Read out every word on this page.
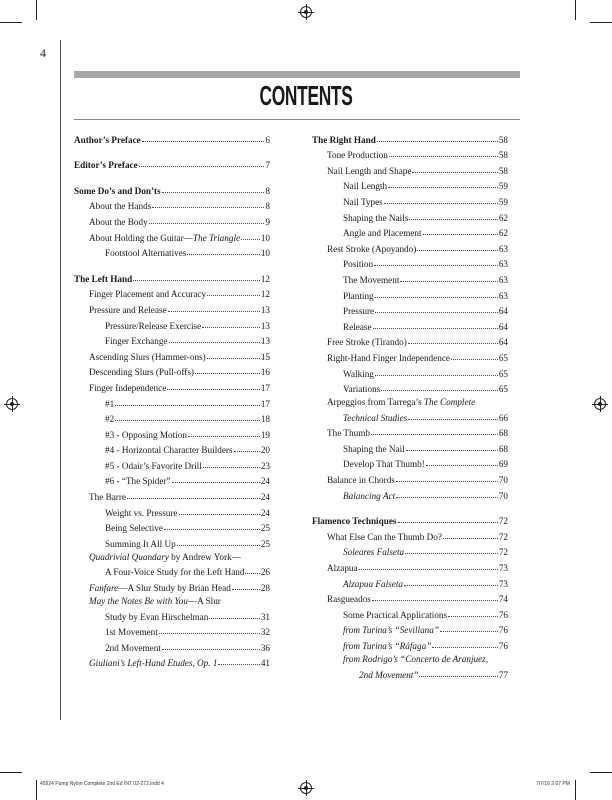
4
CONTENTS
Author’s Preface	6
Editor’s Preface	7
Some Do’s and Don’ts	8
About the Hands	8
About the Body	9
About Holding the Guitar—The Triangle 10
Footstool Alternatives	10
The Left Hand	12
Finger Placement and Accuracy	12
Pressure and Release	13
Pressure/Release Exercise	13
Finger Exchange	13
Ascending Slurs (Hammer-ons)	15
Descending Slurs (Pull-offs)	16
Finger Independence	17
#1	17
#2	18
#3 - Opposing Motion	19
#4 - Horizontal Character Builders	20
#5 - Odair’s Favorite Drill	23
#6 - “The Spider”	24
The Barre	24
Weight vs. Pressure	24
Being Selective	25
Summing It All Up	25
Quadrivial Quandary by Andrew York—
A Four-Voice Study for the Left Hand 26
Fanfare—A Slur Study by Brian Head	28
May the Notes Be with You—A Slur
Study by Evan Hirschelman	31
1st Movement	32
2nd Movement	36
Giuliani’s Left-Hand Etudes, Op. 1	41
The Right Hand	58
Tone Production	58
Nail Length and Shape	58
Nail Length	59
Nail Types	59
Shaping the Nails	62
Angle and Placement	62
Rest Stroke (Apoyando)	63
Position	63
The Movement	63
Planting	63
Pressure	64
Release	64
Free Stroke (Tirando)	64
Right-Hand Finger Independence	65
Walking	65
Variations	65
Arpeggios from Tarrega’s The Complete
Technical Studies	66
The Thumb	68
Shaping the Nail	68
Develop That Thumb!	69
Balance in Chords	70
Balancing Act	70
Flamenco Techniques	72
What Else Can the Thumb Do?	72
Soleares Falseta	72
Alzapua	73
Alzapua Falseta	73
Rasgueados	74
Some Practical Applications	76
from Turina’s “Sevillana”	76
from Turina’s “Ráfaga”	76
from Rodrigo’s “Concerto de Aranjuez,
2nd Movement”	77
45924 Pump Nylon Complete 2nd Ed INT 02-272.indd 4	7/7/16 2:07 PM
